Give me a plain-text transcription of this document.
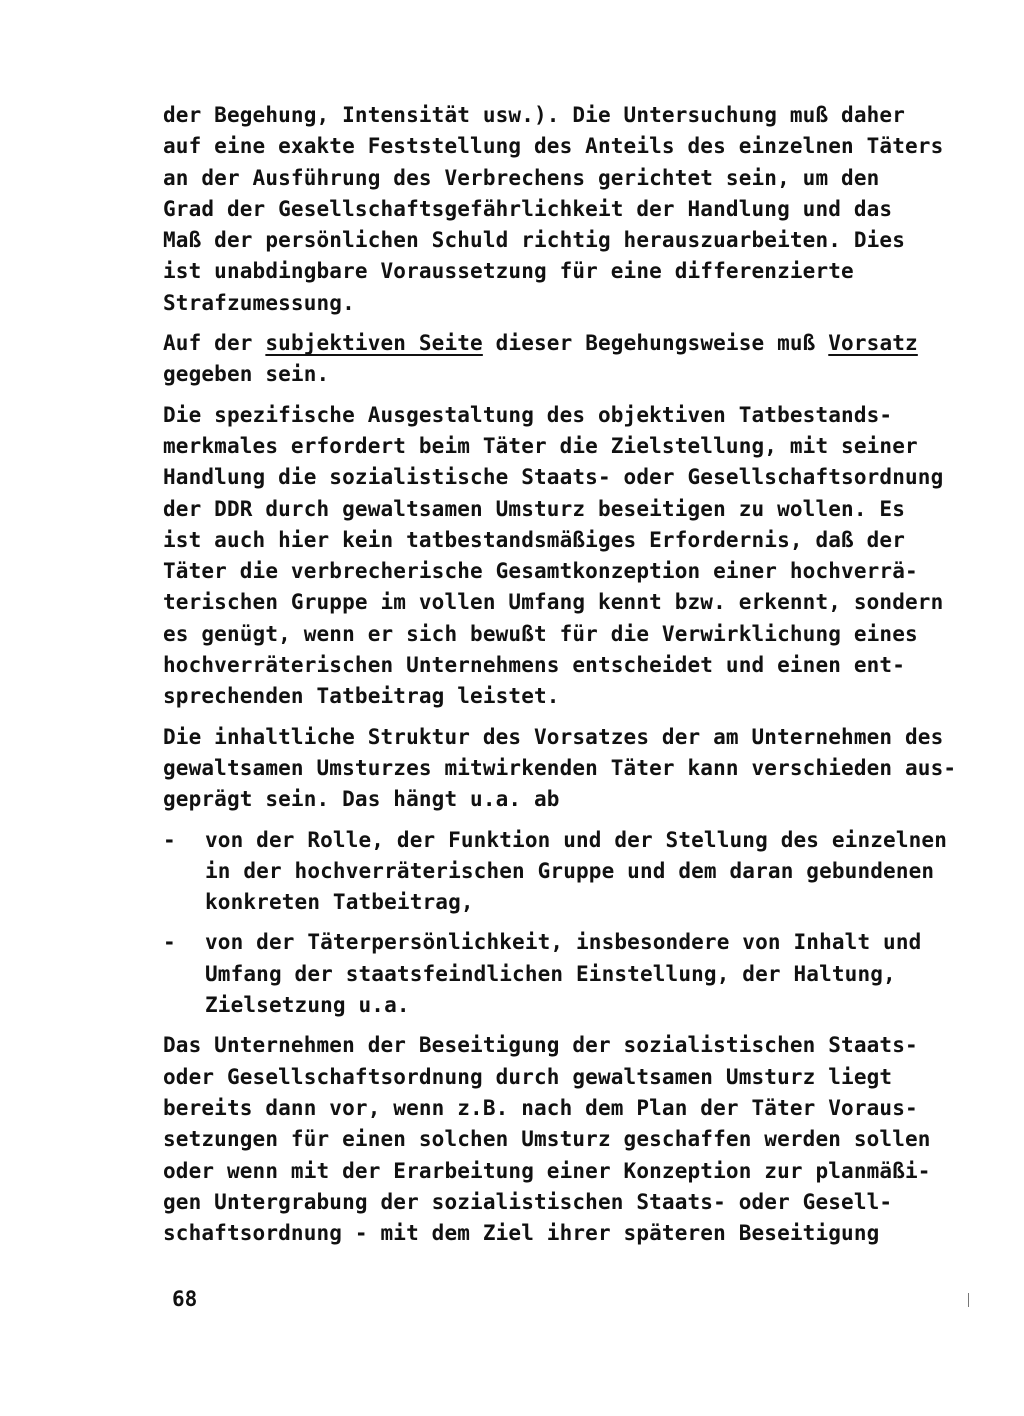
der Begehung, Intensität usw.). Die Untersuchung muß daher
auf eine exakte Feststellung des Anteils des einzelnen Täters
an der Ausführung des Verbrechens gerichtet sein, um den
Grad der Gesellschaftsgefährlichkeit der Handlung und das
Maß der persönlichen Schuld richtig herauszuarbeiten. Dies
ist unabdingbare Voraussetzung für eine differenzierte
Strafzumessung.
Auf der subjektiven Seite dieser Begehungsweise muß Vorsatz
gegeben sein.
Die spezifische Ausgestaltung des objektiven Tatbestands-
merkmales erfordert beim Täter die Zielstellung, mit seiner
Handlung die sozialistische Staats- oder Gesellschaftsordnung
der DDR durch gewaltsamen Umsturz beseitigen zu wollen. Es
ist auch hier kein tatbestandsmäßiges Erfordernis, daß der
Täter die verbrecherische Gesamtkonzeption einer hochverrä-
terischen Gruppe im vollen Umfang kennt bzw. erkennt, sondern
es genügt, wenn er sich bewußt für die Verwirklichung eines
hochverräterischen Unternehmens entscheidet und einen ent-
sprechenden Tatbeitrag leistet.
Die inhaltliche Struktur des Vorsatzes der am Unternehmen des
gewaltsamen Umsturzes mitwirkenden Täter kann verschieden aus-
geprägt sein. Das hängt u.a. ab
- von der Rolle, der Funktion und der Stellung des einzelnen
in der hochverräterischen Gruppe und dem daran gebundenen
konkreten Tatbeitrag,
- von der Täterpersönlichkeit, insbesondere von Inhalt und
Umfang der staatsfeindlichen Einstellung, der Haltung,
Zielsetzung u.a.
Das Unternehmen der Beseitigung der sozialistischen Staats-
oder Gesellschaftsordnung durch gewaltsamen Umsturz liegt
bereits dann vor, wenn z.B. nach dem Plan der Täter Voraus-
setzungen für einen solchen Umsturz geschaffen werden sollen
oder wenn mit der Erarbeitung einer Konzeption zur planmäßi-
gen Untergrabung der sozialistischen Staats- oder Gesell-
schaftsordnung - mit dem Ziel ihrer späteren Beseitigung
68
